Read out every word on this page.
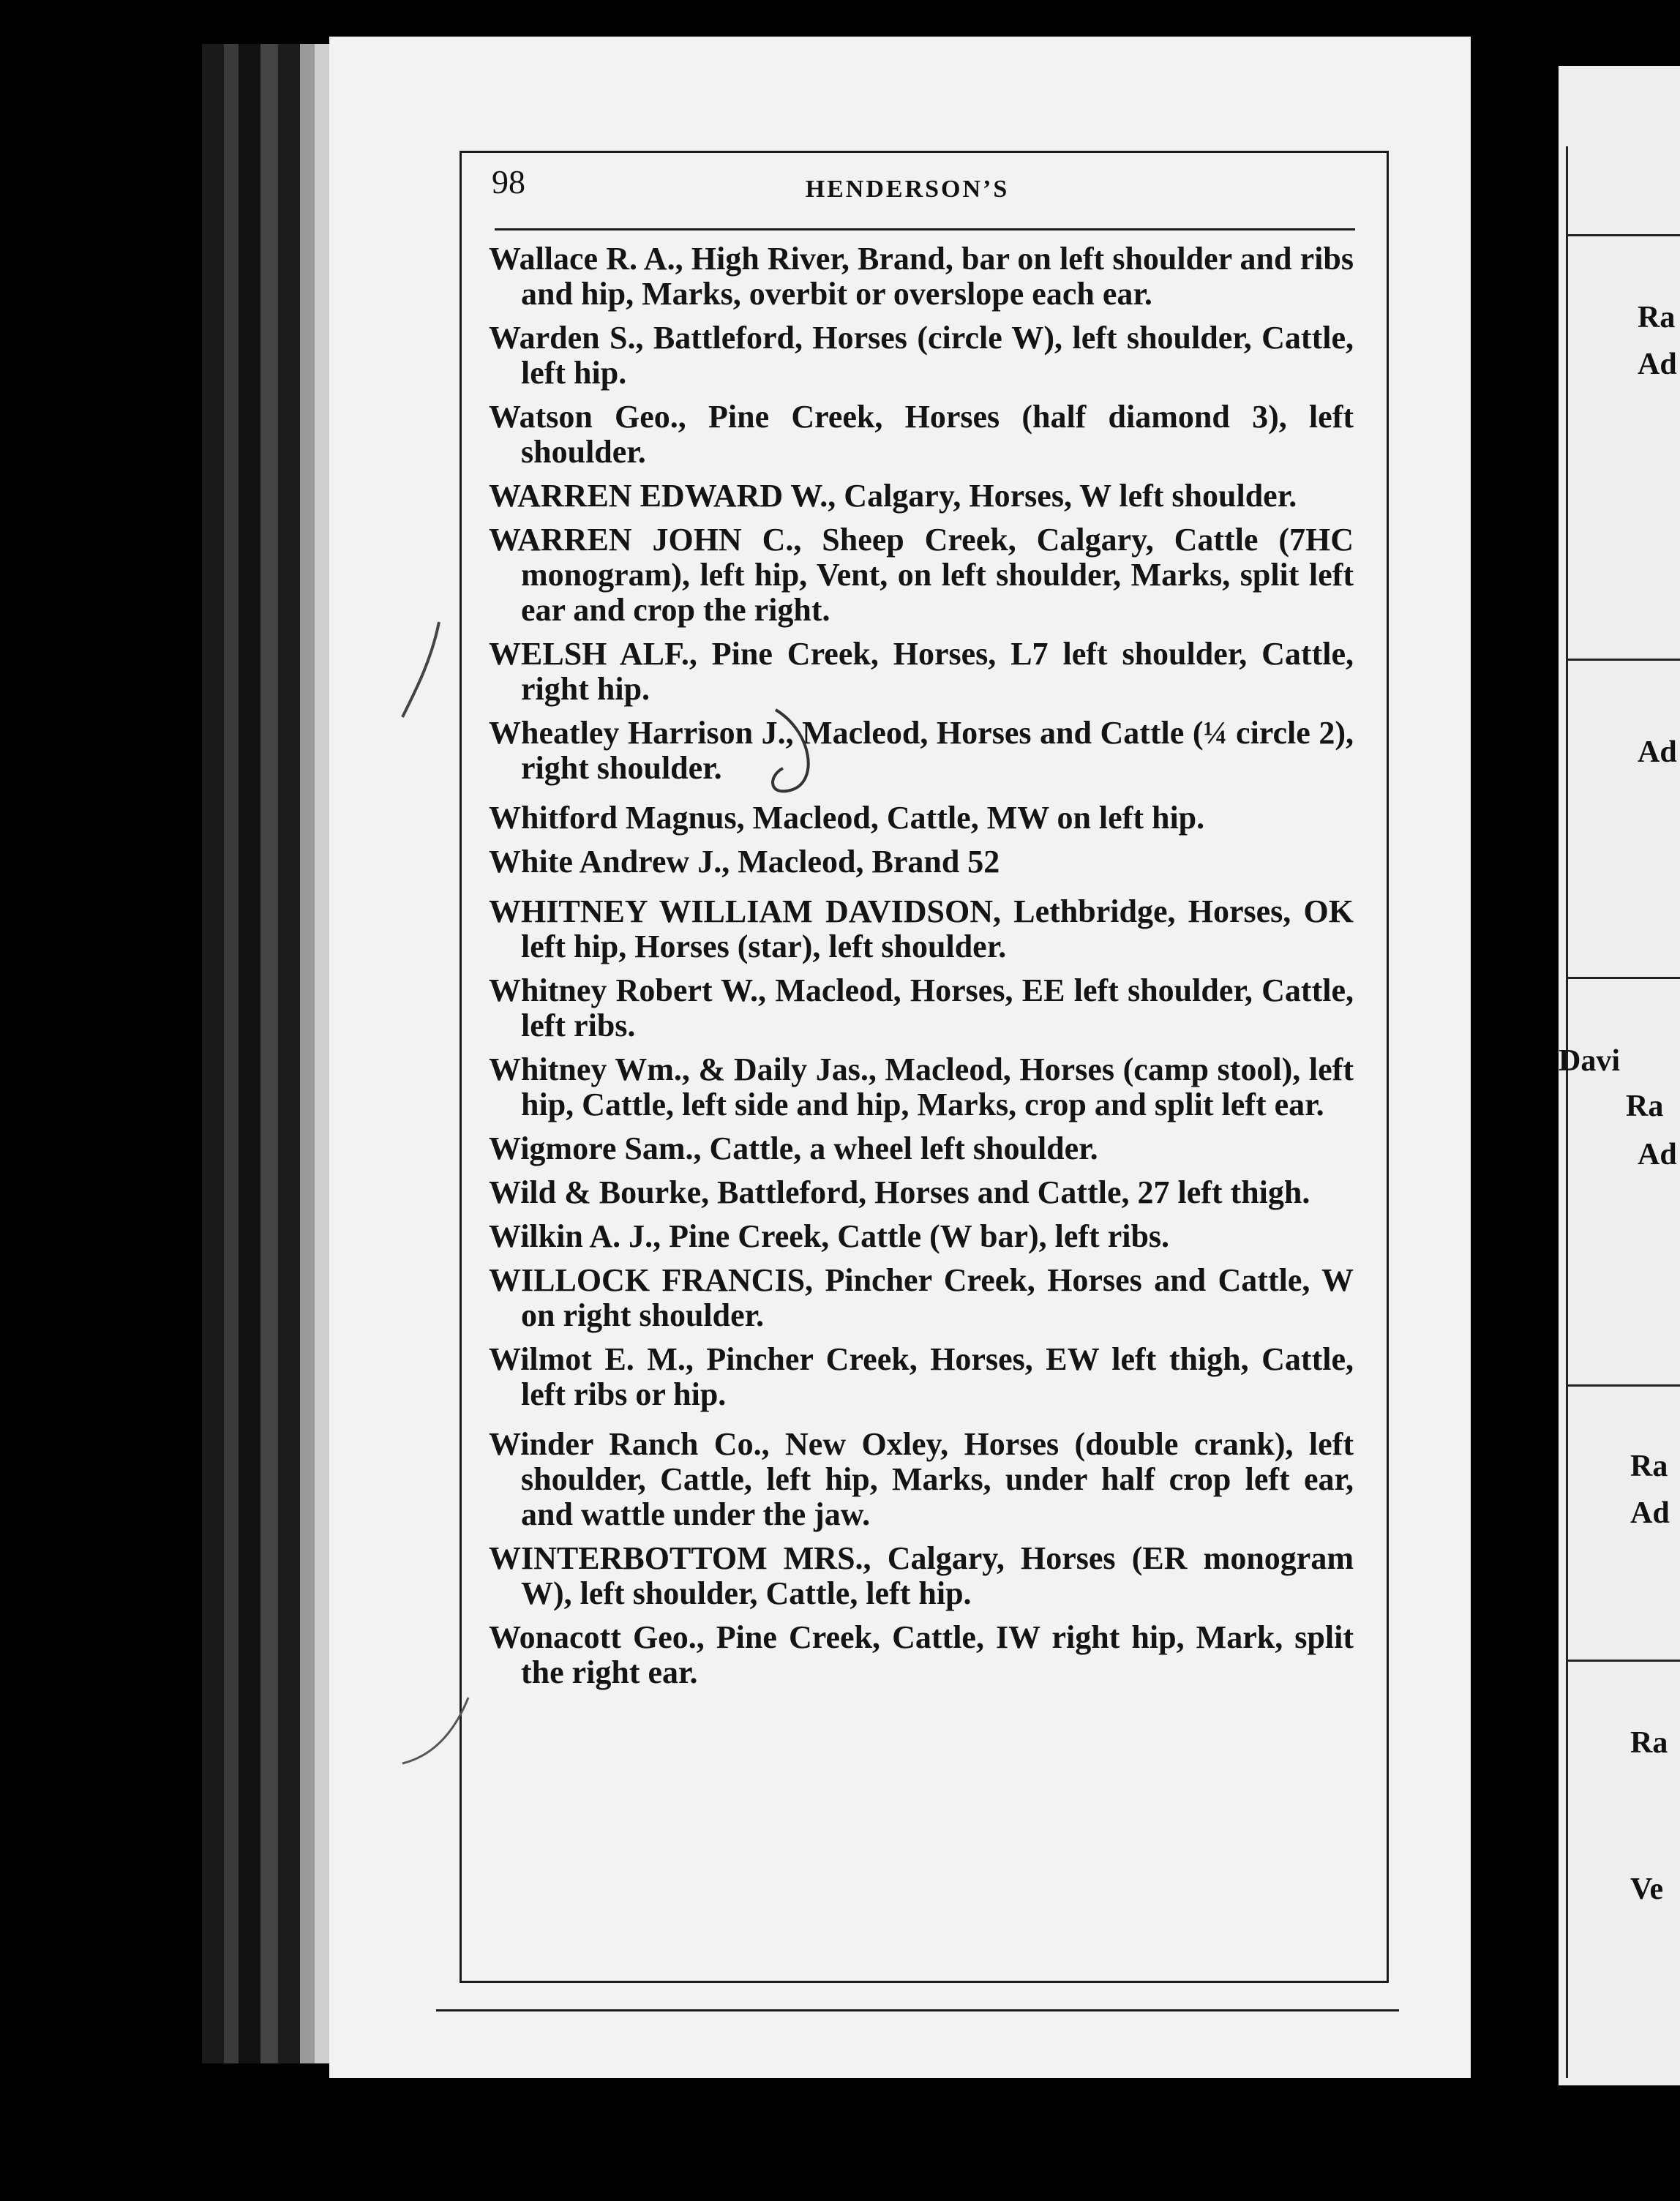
Ra
Ad
Ad
Davi
Ra
Ad
Ra
Ad
Ra
Ve
98	HENDERSON’S
Wallace R. A., High River, Brand, bar on left shoulder and ribs and hip, Marks, overbit or overslope each ear.
Warden S., Battleford, Horses (circle W), left shoulder, Cattle, left hip.
Watson Geo., Pine Creek, Horses (half diamond 3), left shoulder.
WARREN EDWARD W., Calgary, Horses, W left shoulder.
WARREN JOHN C., Sheep Creek, Calgary, Cattle (7HC monogram), left hip, Vent, on left shoulder, Marks, split left ear and crop the right.
WELSH ALF., Pine Creek, Horses, L7 left shoulder, Cattle, right hip.
Wheatley Harrison J., Macleod, Horses and Cattle (¼ circle 2), right shoulder.
Whitford Magnus, Macleod, Cattle, MW on left hip.
White Andrew J., Macleod, Brand 52
WHITNEY WILLIAM DAVIDSON, Lethbridge, Horses, OK left hip, Horses (star), left shoulder.
Whitney Robert W., Macleod, Horses, EE left shoulder, Cattle, left ribs.
Whitney Wm., & Daily Jas., Macleod, Horses (camp stool), left hip, Cattle, left side and hip, Marks, crop and split left ear.
Wigmore Sam., Cattle, a wheel left shoulder.
Wild & Bourke, Battleford, Horses and Cattle, 27 left thigh.
Wilkin A. J., Pine Creek, Cattle (W bar), left ribs.
WILLOCK FRANCIS, Pincher Creek, Horses and Cattle, W on right shoulder.
Wilmot E. M., Pincher Creek, Horses, EW left thigh, Cattle, left ribs or hip.
Winder Ranch Co., New Oxley, Horses (double crank), left shoulder, Cattle, left hip, Marks, under half crop left ear, and wattle under the jaw.
WINTERBOTTOM MRS., Calgary, Horses (ER monogram W), left shoulder, Cattle, left hip.
Wonacott Geo., Pine Creek, Cattle, IW right hip, Mark, split the right ear.
